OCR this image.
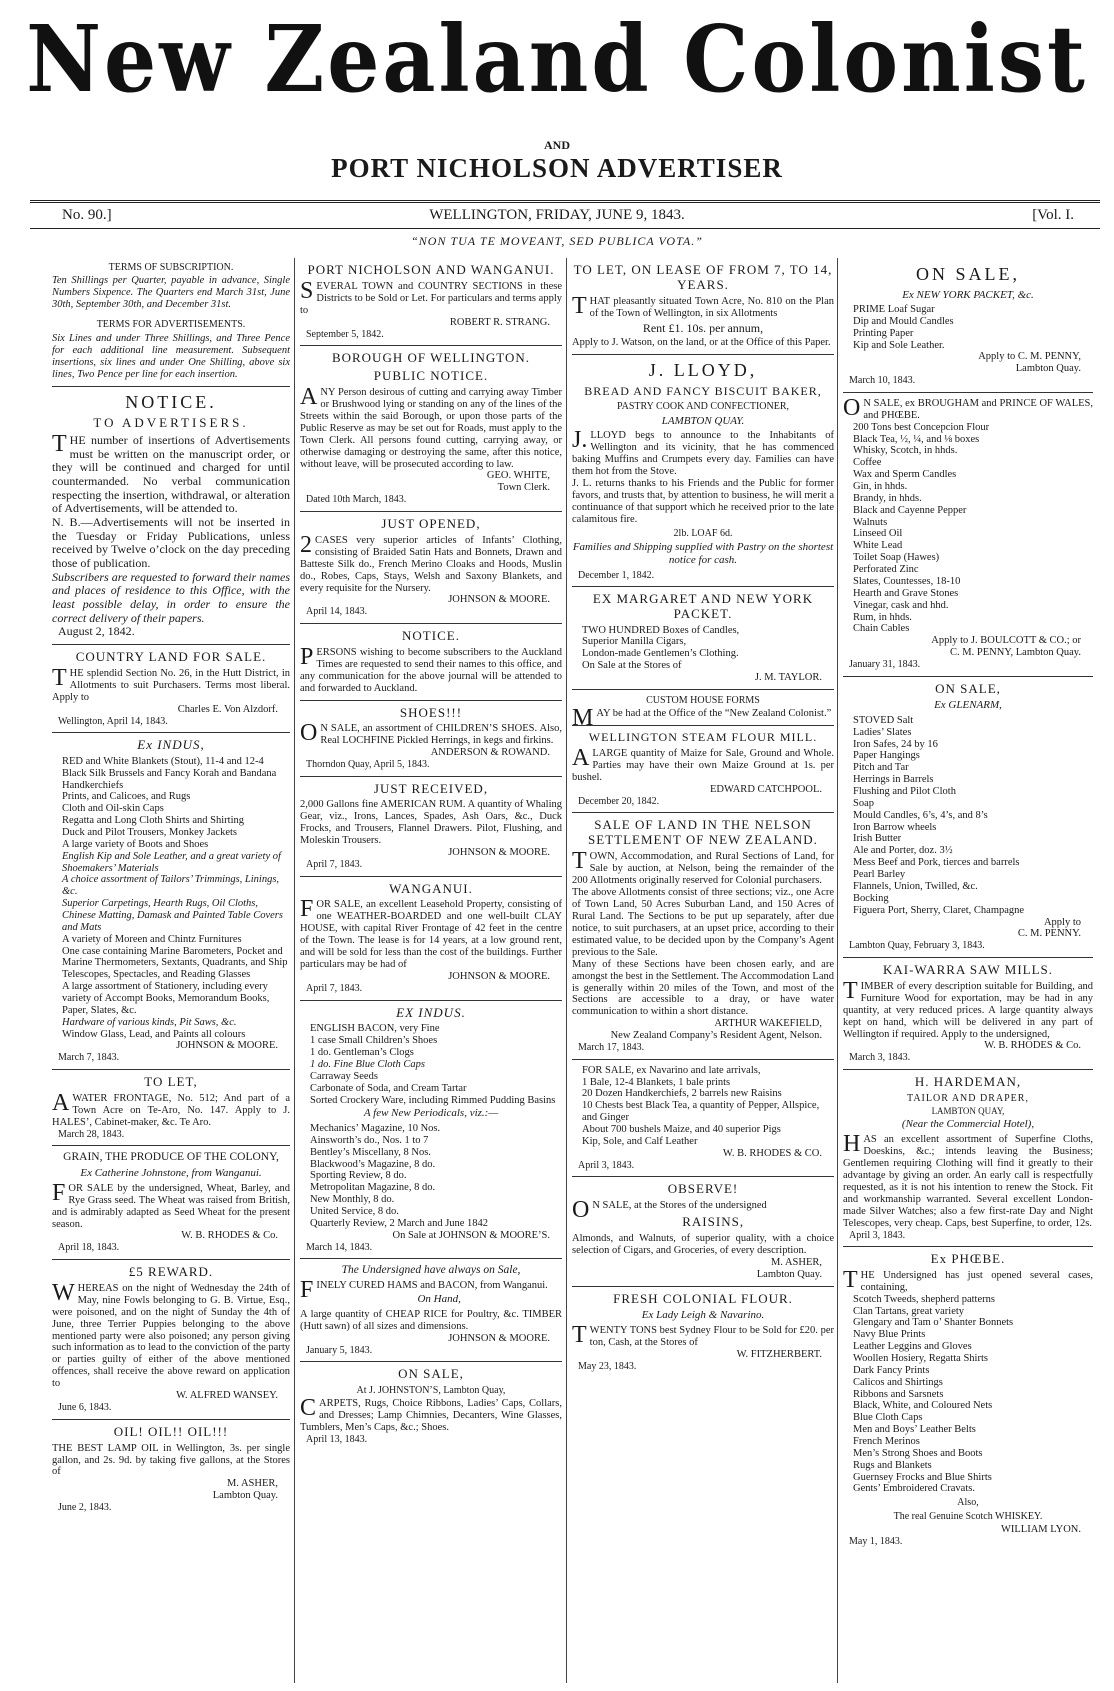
New Zealand Colonist
AND
PORT NICHOLSON ADVERTISER
No. 90.]	WELLINGTON, FRIDAY, JUNE 9, 1843.	[Vol. I.
“NON TUA TE MOVEANT, SED PUBLICA VOTA.”
TERMS OF SUBSCRIPTION.
Ten Shillings per Quarter, payable in advance, Single Numbers Sixpence. The Quarters end March 31st, June 30th, September 30th, and December 31st.
TERMS FOR ADVERTISEMENTS.
Six Lines and under Three Shillings, and Three Pence for each additional line measurement. Subsequent insertions, six lines and under One Shilling, above six lines, Two Pence per line for each insertion.
NOTICE.
TO ADVERTISERS.
THE number of insertions of Advertisements must be written on the manuscript order, or they will be continued and charged for until countermanded. No verbal communication respecting the insertion, withdrawal, or alteration of Advertisements, will be attended to.
N. B.—Advertisements will not be inserted in the Tuesday or Friday Publications, unless received by Twelve o’clock on the day preceding those of publication.
Subscribers are requested to forward their names and places of residence to this Office, with the least possible delay, in order to ensure the correct delivery of their papers.
August 2, 1842.
COUNTRY LAND FOR SALE.
THE splendid Section No. 26, in the Hutt District, in Allotments to suit Purchasers. Terms most liberal. Apply to
Charles E. Von Alzdorf.
Wellington, April 14, 1843.
Ex INDUS,
RED and White Blankets (Stout), 11-4 and 12-4
Black Silk Brussels and Fancy Korah and Bandana Handkerchiefs
Prints, and Calicoes, and Rugs
Cloth and Oil-skin Caps
Regatta and Long Cloth Shirts and Shirting
Duck and Pilot Trousers, Monkey Jackets
A large variety of Boots and Shoes
English Kip and Sole Leather, and a great variety of Shoemakers’ Materials
A choice assortment of Tailors’ Trimmings, Linings, &c.
Superior Carpetings, Hearth Rugs, Oil Cloths, Chinese Matting, Damask and Painted Table Covers and Mats
A variety of Moreen and Chintz Furnitures
One case containing Marine Barometers, Pocket and Marine Thermometers, Sextants, Quadrants, and Ship Telescopes, Spectacles, and Reading Glasses
A large assortment of Stationery, including every variety of Accompt Books, Memorandum Books, Paper, Slates, &c.
Hardware of various kinds, Pit Saws, &c.
Window Glass, Lead, and Paints all colours
JOHNSON & MOORE.
March 7, 1843.
TO LET,
AWATER FRONTAGE, No. 512; And part of a Town Acre on Te-Aro, No. 147. Apply to J. HALES’, Cabinet-maker, &c. Te Aro.
March 28, 1843.
GRAIN, THE PRODUCE OF THE COLONY,
Ex Catherine Johnstone, from Wanganui.
FOR SALE by the undersigned, Wheat, Barley, and Rye Grass seed. The Wheat was raised from British, and is admirably adapted as Seed Wheat for the present season.
W. B. RHODES & Co.
April 18, 1843.
£5 REWARD.
WHEREAS on the night of Wednesday the 24th of May, nine Fowls belonging to G. B. Virtue, Esq., were poisoned, and on the night of Sunday the 4th of June, three Terrier Puppies belonging to the above mentioned party were also poisoned; any person giving such information as to lead to the conviction of the party or parties guilty of either of the above mentioned offences, shall receive the above reward on application to
W. ALFRED WANSEY.
June 6, 1843.
OIL! OIL!! OIL!!!
THE BEST LAMP OIL in Wellington, 3s. per single gallon, and 2s. 9d. by taking five gallons, at the Stores of
M. ASHER,
Lambton Quay.
June 2, 1843.
PORT NICHOLSON AND WANGANUI.
SEVERAL TOWN and COUNTRY SECTIONS in these Districts to be Sold or Let. For particulars and terms apply to
ROBERT R. STRANG.
September 5, 1842.
BOROUGH OF WELLINGTON.
PUBLIC NOTICE.
ANY Person desirous of cutting and carrying away Timber or Brushwood lying or standing on any of the lines of the Streets within the said Borough, or upon those parts of the Public Reserve as may be set out for Roads, must apply to the Town Clerk. All persons found cutting, carrying away, or otherwise damaging or destroying the same, after this notice, without leave, will be prosecuted according to law.
GEO. WHITE,
Town Clerk.
Dated 10th March, 1843.
JUST OPENED,
2CASES very superior articles of Infants’ Clothing, consisting of Braided Satin Hats and Bonnets, Drawn and Batteste Silk do., French Merino Cloaks and Hoods, Muslin do., Robes, Caps, Stays, Welsh and Saxony Blankets, and every requisite for the Nursery.
JOHNSON & MOORE.
April 14, 1843.
NOTICE.
PERSONS wishing to become subscribers to the Auckland Times are requested to send their names to this office, and any communication for the above journal will be attended to and forwarded to Auckland.
SHOES!!!
ON SALE, an assortment of CHILDREN’S SHOES. Also, Real LOCHFINE Pickled Herrings, in kegs and firkins.
ANDERSON & ROWAND.
Thorndon Quay, April 5, 1843.
JUST RECEIVED,
2,000 Gallons fine AMERICAN RUM. A quantity of Whaling Gear, viz., Irons, Lances, Spades, Ash Oars, &c., Duck Frocks, and Trousers, Flannel Drawers. Pilot, Flushing, and Moleskin Trousers.
JOHNSON & MOORE.
April 7, 1843.
WANGANUI.
FOR SALE, an excellent Leasehold Property, consisting of one WEATHER-BOARDED and one well-built CLAY HOUSE, with capital River Frontage of 42 feet in the centre of the Town. The lease is for 14 years, at a low ground rent, and will be sold for less than the cost of the buildings. Further particulars may be had of
JOHNSON & MOORE.
April 7, 1843.
EX INDUS.
ENGLISH BACON, very Fine
1 case Small Children’s Shoes
1 do. Gentleman’s Clogs
1 do. Fine Blue Cloth Caps
Carraway Seeds
Carbonate of Soda, and Cream Tartar
Sorted Crockery Ware, including Rimmed Pudding Basins
A few New Periodicals, viz.:—
Mechanics’ Magazine, 10 Nos.
Ainsworth’s do., Nos. 1 to 7
Bentley’s Miscellany, 8 Nos.
Blackwood’s Magazine, 8 do.
Sporting Review, 8 do.
Metropolitan Magazine, 8 do.
New Monthly, 8 do.
United Service, 8 do.
Quarterly Review, 2 March and June 1842
On Sale at JOHNSON & MOORE’S.
March 14, 1843.
The Undersigned have always on Sale,
FINELY CURED HAMS and BACON, from Wanganui.
On Hand,
A large quantity of CHEAP RICE for Poultry, &c. TIMBER (Hutt sawn) of all sizes and dimensions.
JOHNSON & MOORE.
January 5, 1843.
ON SALE,
At J. JOHNSTON’S, Lambton Quay,
CARPETS, Rugs, Choice Ribbons, Ladies’ Caps, Collars, and Dresses; Lamp Chimnies, Decanters, Wine Glasses, Tumblers, Men’s Caps, &c.; Shoes.
April 13, 1843.
TO LET, ON LEASE OF FROM 7, TO 14, YEARS.
THAT pleasantly situated Town Acre, No. 810 on the Plan of the Town of Wellington, in six Allotments
Rent £1. 10s. per annum,
Apply to J. Watson, on the land, or at the Office of this Paper.
J. LLOYD,
BREAD AND FANCY BISCUIT BAKER,
PASTRY COOK AND CONFECTIONER,
LAMBTON QUAY.
J.LLOYD begs to announce to the Inhabitants of Wellington and its vicinity, that he has commenced baking Muffins and Crumpets every day. Families can have them hot from the Stove.
J. L. returns thanks to his Friends and the Public for former favors, and trusts that, by attention to business, he will merit a continuance of that support which he received prior to the late calamitous fire.
2lb. LOAF 6d.
Families and Shipping supplied with Pastry on the shortest notice for cash.
December 1, 1842.
EX MARGARET AND NEW YORK PACKET.
TWO HUNDRED Boxes of Candles,
Superior Manilla Cigars,
London-made Gentlemen’s Clothing.
On Sale at the Stores of
J. M. TAYLOR.
CUSTOM HOUSE FORMS
MAY be had at the Office of the “New Zealand Colonist.”
WELLINGTON STEAM FLOUR MILL.
ALARGE quantity of Maize for Sale, Ground and Whole. Parties may have their own Maize Ground at 1s. per bushel.
EDWARD CATCHPOOL.
December 20, 1842.
SALE OF LAND IN THE NELSON SETTLEMENT OF NEW ZEALAND.
TOWN, Accommodation, and Rural Sections of Land, for Sale by auction, at Nelson, being the remainder of the 200 Allotments originally reserved for Colonial purchasers.
The above Allotments consist of three sections; viz., one Acre of Town Land, 50 Acres Suburban Land, and 150 Acres of Rural Land. The Sections to be put up separately, after due notice, to suit purchasers, at an upset price, according to their estimated value, to be decided upon by the Company’s Agent previous to the Sale.
Many of these Sections have been chosen early, and are amongst the best in the Settlement. The Accommodation Land is generally within 20 miles of the Town, and most of the Sections are accessible to a dray, or have water communication to within a short distance.
ARTHUR WAKEFIELD,
New Zealand Company’s Resident Agent, Nelson.
March 17, 1843.
FOR SALE, ex Navarino and late arrivals,
1 Bale, 12-4 Blankets, 1 bale prints
20 Dozen Handkerchiefs, 2 barrels new Raisins
10 Chests best Black Tea, a quantity of Pepper, Allspice, and Ginger
About 700 bushels Maize, and 40 superior Pigs
Kip, Sole, and Calf Leather
W. B. RHODES & CO.
April 3, 1843.
OBSERVE!
ON SALE, at the Stores of the undersigned
RAISINS,
Almonds, and Walnuts, of superior quality, with a choice selection of Cigars, and Groceries, of every description.
M. ASHER,
Lambton Quay.
FRESH COLONIAL FLOUR.
Ex Lady Leigh & Navarino.
TWENTY TONS best Sydney Flour to be Sold for £20. per ton, Cash, at the Stores of
W. FITZHERBERT.
May 23, 1843.
ON SALE,
Ex NEW YORK PACKET, &c.
PRIME Loaf Sugar
Dip and Mould Candles
Printing Paper
Kip and Sole Leather.
Apply to C. M. PENNY,
Lambton Quay.
March 10, 1843.
ON SALE, ex BROUGHAM and PRINCE OF WALES, and PHŒBE.
200 Tons best Concepcion Flour
Black Tea, ½, ¼, and ⅛ boxes
Whisky, Scotch, in hhds.
Coffee
Wax and Sperm Candles
Gin, in hhds.
Brandy, in hhds.
Black and Cayenne Pepper
Walnuts
Linseed Oil
White Lead
Toilet Soap (Hawes)
Perforated Zinc
Slates, Countesses, 18-10
Hearth and Grave Stones
Vinegar, cask and hhd.
Rum, in hhds.
Chain Cables
Apply to J. BOULCOTT & CO.; or
C. M. PENNY, Lambton Quay.
January 31, 1843.
ON SALE,
Ex GLENARM,
STOVED Salt
Ladies’ Slates
Iron Safes, 24 by 16
Paper Hangings
Pitch and Tar
Herrings in Barrels
Flushing and Pilot Cloth
Soap
Mould Candles, 6’s, 4’s, and 8’s
Iron Barrow wheels
Irish Butter
Ale and Porter, doz. 3½
Mess Beef and Pork, tierces and barrels
Pearl Barley
Flannels, Union, Twilled, &c.
Bocking
Figuera Port, Sherry, Claret, Champagne
Apply to
C. M. PENNY.
Lambton Quay, February 3, 1843.
KAI-WARRA SAW MILLS.
TIMBER of every description suitable for Building, and Furniture Wood for exportation, may be had in any quantity, at very reduced prices. A large quantity always kept on hand, which will be delivered in any part of Wellington if required. Apply to the undersigned,
W. B. RHODES & Co.
March 3, 1843.
H. HARDEMAN,
TAILOR AND DRAPER,
LAMBTON QUAY,
(Near the Commercial Hotel),
HAS an excellent assortment of Superfine Cloths, Doeskins, &c.; intends leaving the Business; Gentlemen requiring Clothing will find it greatly to their advantage by giving an order. An early call is respectfully requested, as it is not his intention to renew the Stock. Fit and workmanship warranted. Several excellent London-made Silver Watches; also a few first-rate Day and Night Telescopes, very cheap. Caps, best Superfine, to order, 12s.
April 3, 1843.
Ex PHŒBE.
THE Undersigned has just opened several cases, containing,
Scotch Tweeds, shepherd patterns
Clan Tartans, great variety
Glengary and Tam o’ Shanter Bonnets
Navy Blue Prints
Leather Leggins and Gloves
Woollen Hosiery, Regatta Shirts
Dark Fancy Prints
Calicos and Shirtings
Ribbons and Sarsnets
Black, White, and Coloured Nets
Blue Cloth Caps
Men and Boys’ Leather Belts
French Merinos
Men’s Strong Shoes and Boots
Rugs and Blankets
Guernsey Frocks and Blue Shirts
Gents’ Embroidered Cravats.
Also,
The real Genuine Scotch WHISKEY.
WILLIAM LYON.
May 1, 1843.
